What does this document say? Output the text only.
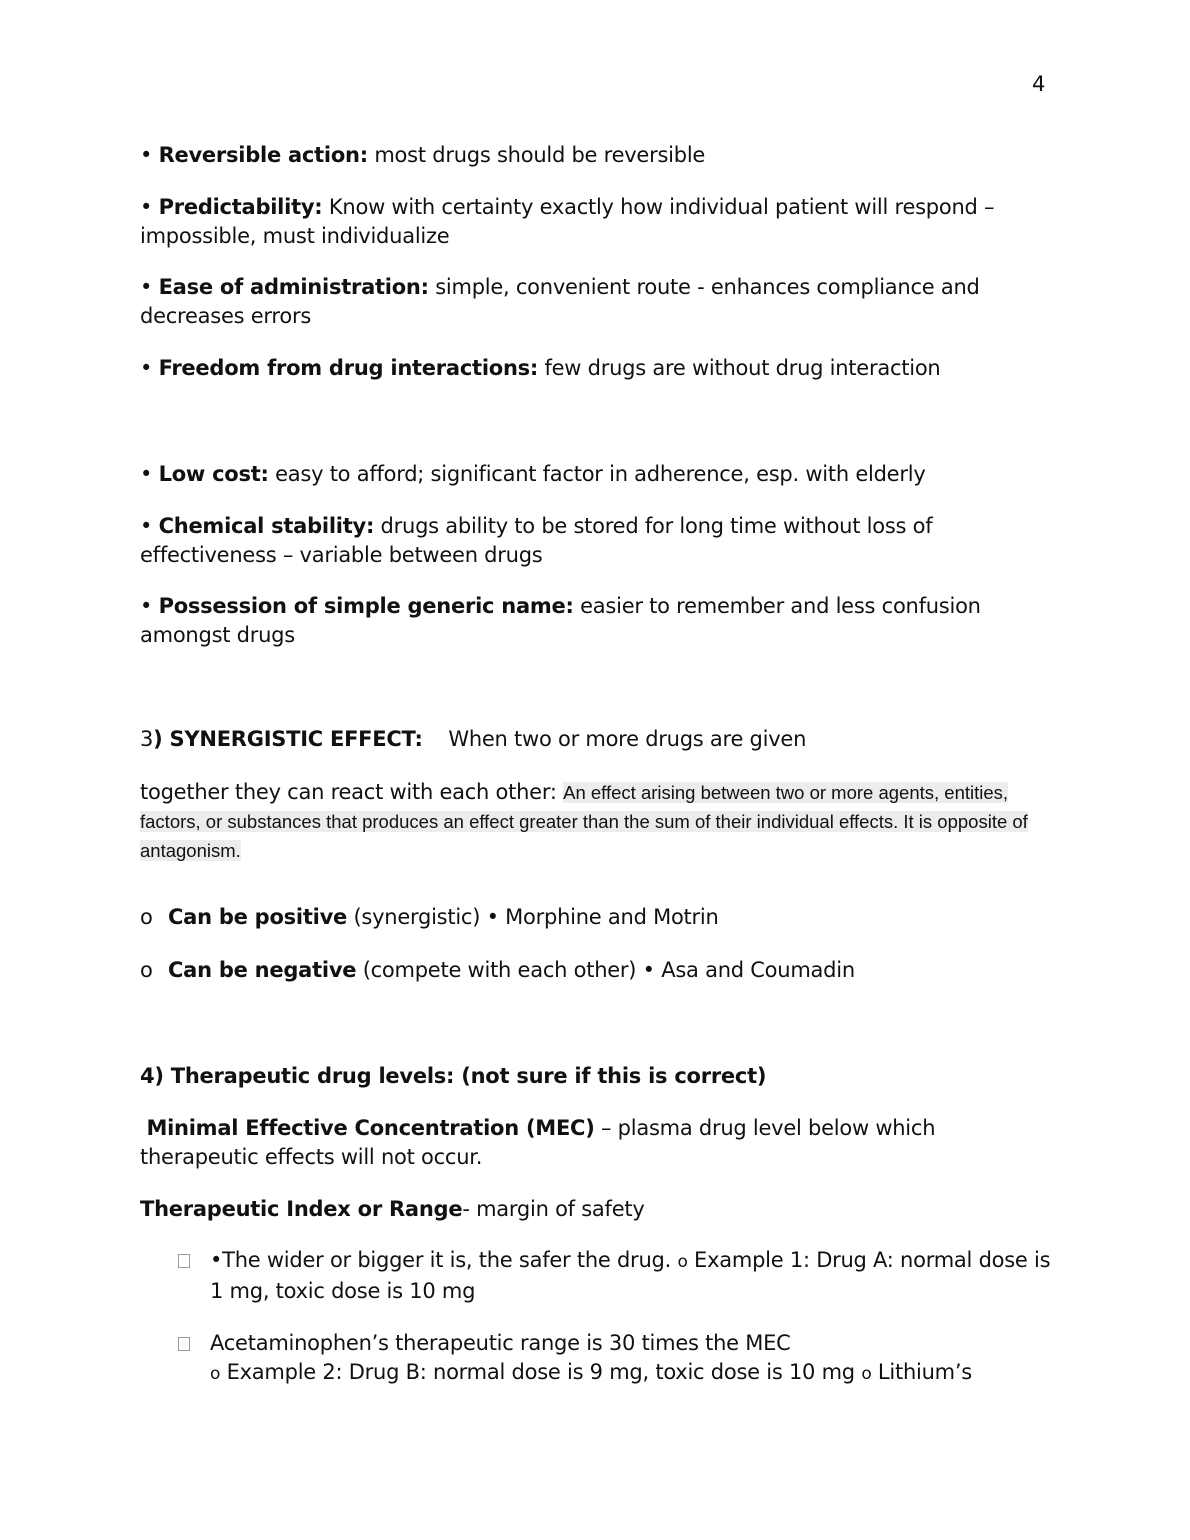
4
• Reversible action: most drugs should be reversible
• Predictability: Know with certainty exactly how individual patient will respond – impossible, must individualize
• Ease of administration: simple, convenient route - enhances compliance and decreases errors
• Freedom from drug interactions: few drugs are without drug interaction
• Low cost: easy to afford; significant factor in adherence, esp. with elderly
• Chemical stability: drugs ability to be stored for long time without loss of effectiveness – variable between drugs
• Possession of simple generic name: easier to remember and less confusion amongst drugs
3) SYNERGISTIC EFFECT: When two or more drugs are given
together they can react with each other: An effect arising between two or more agents, entities, factors, or substances that produces an effect greater than the sum of their individual effects. It is opposite of antagonism.
o Can be positive (synergistic) • Morphine and Motrin
o Can be negative (compete with each other) • Asa and Coumadin
4) Therapeutic drug levels: (not sure if this is correct)
Minimal Effective Concentration (MEC) – plasma drug level below which therapeutic effects will not occur.
Therapeutic Index or Range- margin of safety
•The wider or bigger it is, the safer the drug. o Example 1: Drug A: normal dose is 1 mg, toxic dose is 10 mg
Acetaminophen’s therapeutic range is 30 times the MEC
o Example 2: Drug B: normal dose is 9 mg, toxic dose is 10 mg o Lithium’s
